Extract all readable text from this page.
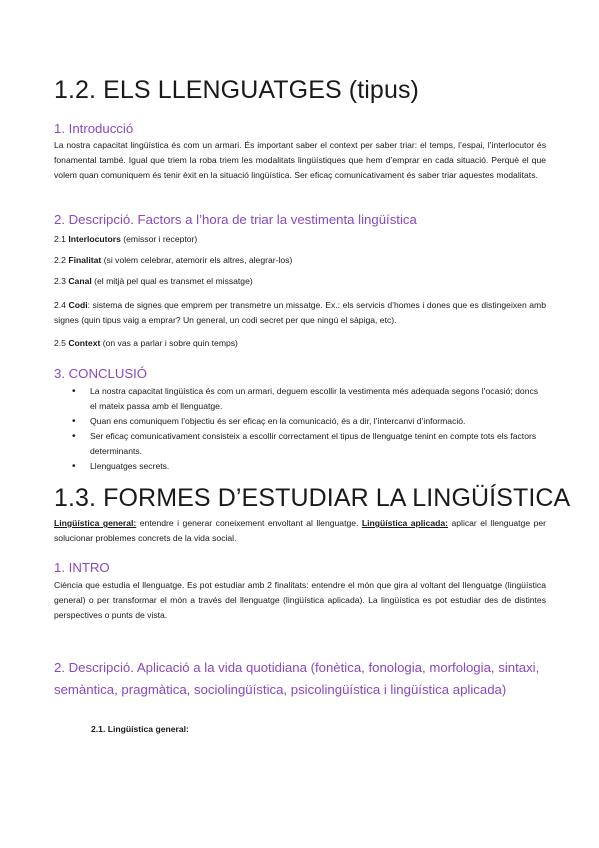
1.2. ELS LLENGUATGES (tipus)
1. Introducció

La nostra capacitat lingüística és com un armari. És important saber el context per saber triar: el temps, l’espai, l’interlocutor és fonamental també. Igual que triem la roba triem les modalitats lingüístiques que hem d’emprar en cada situació. Perquè el que volem quan comuniquem és tenir èxit en la situació lingüística. Ser eficaç comunicativament és saber triar aquestes modalitats.

2. Descripció. Factors a l’hora de triar la vestimenta lingüística

2.1 Interlocutors (emissor i receptor)

2.2 Finalitat (si volem celebrar, atemorir els altres, alegrar-los)

2.3 Canal (el mitjà pel qual es transmet el missatge)

2.4 Codi: sistema de signes que emprem per transmetre un missatge. Ex.: els servicis d’homes i dones que es distingeixen amb signes (quin tipus vaig a emprar? Un general, un codi secret per que ningú el sàpiga, etc).

2.5 Context (on vas a parlar i sobre quin temps)

3. CONCLUSIÓ
• La nostra capacitat lingüística és com un armari, deguem escollir la vestimenta més adequada segons l’ocasió; doncs el mateix passa amb el llenguatge.
• Quan ens comuniquem l’objectiu és ser eficaç en la comunicació, és a dir, l’intercanvi d’informació.
• Ser eficaç comunicativament consisteix a escollir correctament el tipus de llenguatge tenint en compte tots els factors determinants.
• Llenguatges secrets.
1.3. FORMES D’ESTUDIAR LA LINGÜÍSTICA

Lingüística general: entendre i generar coneixement envoltant al llenguatge. Lingüística aplicada: aplicar el llenguatge per solucionar problemes concrets de la vida social.

1. INTRO

Ciència que estudia el llenguatge. Es pot estudiar amb 2 finalitats: entendre el món que gira al voltant del llenguatge (lingüística general) o per transformar el món a través del llenguatge (lingüística aplicada). La lingüística es pot estudiar des de distintes perspectives o punts de vista.

2. Descripció. Aplicació a la vida quotidiana (fonètica, fonologia, morfologia, sintaxi, semàntica, pragmàtica, sociolingüística, psicolingüística i lingüística aplicada)

2.1. Lingüística general:
